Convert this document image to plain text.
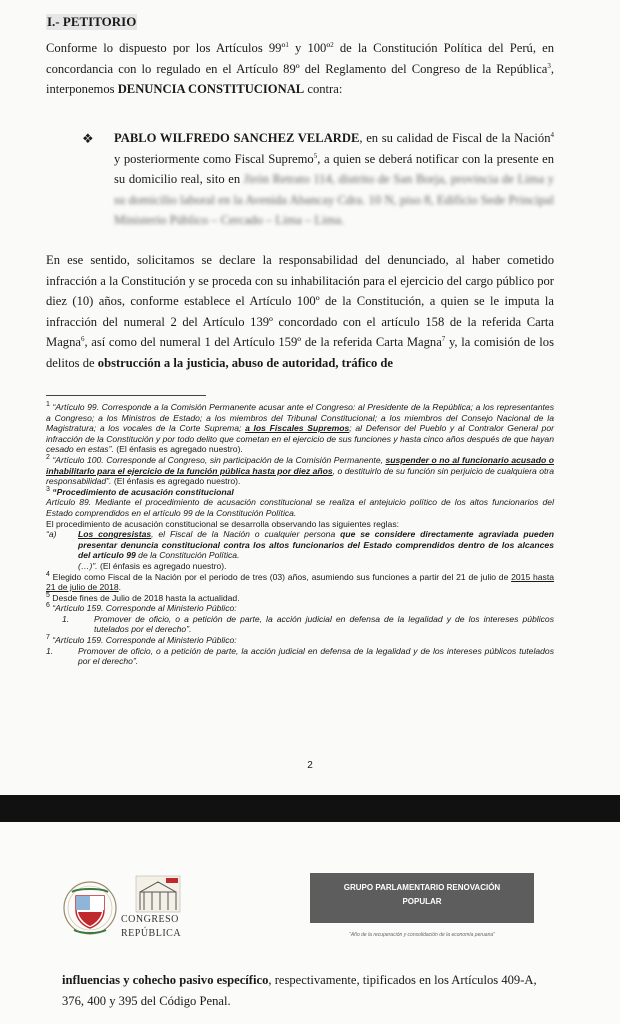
I.- PETITORIO

Conforme lo dispuesto por los Artículos 99º$^1$ y 100º$^2$ de la Constitución Política del Perú, en concordancia con lo regulado en el Artículo 89º del Reglamento del Congreso de la República$^3$, interponemos DENUNCIA CONSTITUCIONAL contra:

❖ PABLO WILFREDO SANCHEZ VELARDE, en su calidad de Fiscal de la Nación$^4$ y posteriormente como Fiscal Supremo$^5$, a quien se deberá notificar con la presente en su domicilio real, sito en Jirón Retrato 114, distrito de San Borja, provincia de Lima y su domicilio laboral en la Avenida Abancay Cdra. 10 N, piso 8, Edificio Sede Principal Ministerio Público – Cercado – Lima – Lima.

En ese sentido, solicitamos se declare la responsabilidad del denunciado, al haber cometido infracción a la Constitución y se proceda con su inhabilitación para el ejercicio del cargo público por diez (10) años, conforme establece el Artículo 100º de la Constitución, a quien se le imputa la infracción del numeral 2 del Artículo 139º concordado con el artículo 158 de la referida Carta Magna$^6$, así como del numeral 1 del Artículo 159º de la referida Carta Magna$^7$ y, la comisión de los delitos de obstrucción a la justicia, abuso de autoridad, tráfico de

$^1$ “Artículo 99. Corresponde a la Comisión Permanente acusar ante el Congreso: al Presidente de la República; a los representantes a Congreso; a los Ministros de Estado; a los miembros del Tribunal Constitucional; a los miembros del Consejo Nacional de la Magistratura; a los vocales de la Corte Suprema; a los Fiscales Supremos; al Defensor del Pueblo y al Contralor General por infracción de la Constitución y por todo delito que cometan en el ejercicio de sus funciones y hasta cinco años después de que hayan cesado en estas”. (El énfasis es agregado nuestro).

$^2$ “Artículo 100. Corresponde al Congreso, sin participación de la Comisión Permanente, suspender o no al funcionario acusado o inhabilitarlo para el ejercicio de la función pública hasta por diez años, o destituirlo de su función sin perjuicio de cualquiera otra responsabilidad”. (El énfasis es agregado nuestro).

$^3$ “Procedimiento de acusación constitucional

Artículo 89. Mediante el procedimiento de acusación constitucional se realiza el antejuicio político de los altos funcionarios del Estado comprendidos en el artículo 99 de la Constitución Política.

El procedimiento de acusación constitucional se desarrolla observando las siguientes reglas:

“a)	Los congresistas, el Fiscal de la Nación o cualquier persona que se considere directamente agraviada pueden presentar denuncia constitucional contra los altos funcionarios del Estado comprendidos dentro de los alcances del artículo 99 de la Constitución Política.
(…)”. (El énfasis es agregado nuestro).

$^4$ Elegido como Fiscal de la Nación por el periodo de tres (03) años, asumiendo sus funciones a partir del 21 de julio de 2015 hasta 21 de julio de 2018.

$^5$ Desde fines de Julio de 2018 hasta la actualidad.

$^6$ “Artículo 159. Corresponde al Ministerio Público:

1.	Promover de oficio, o a petición de parte, la acción judicial en defensa de la legalidad y de los intereses públicos tutelados por el derecho”.

$^7$ “Artículo 159. Corresponde al Ministerio Público:

1.	Promover de oficio, o a petición de parte, la acción judicial en defensa de la legalidad y de los intereses públicos tutelados por el derecho”.
2
CONGRESO
REPÚBLICA
GRUPO PARLAMENTARIO RENOVACIÓN
POPULAR
“Año de la recuperación y consolidación de la economía peruana”

influencias y cohecho pasivo específico, respectivamente, tipificados en los Artículos 409-A, 376, 400 y 395 del Código Penal.
